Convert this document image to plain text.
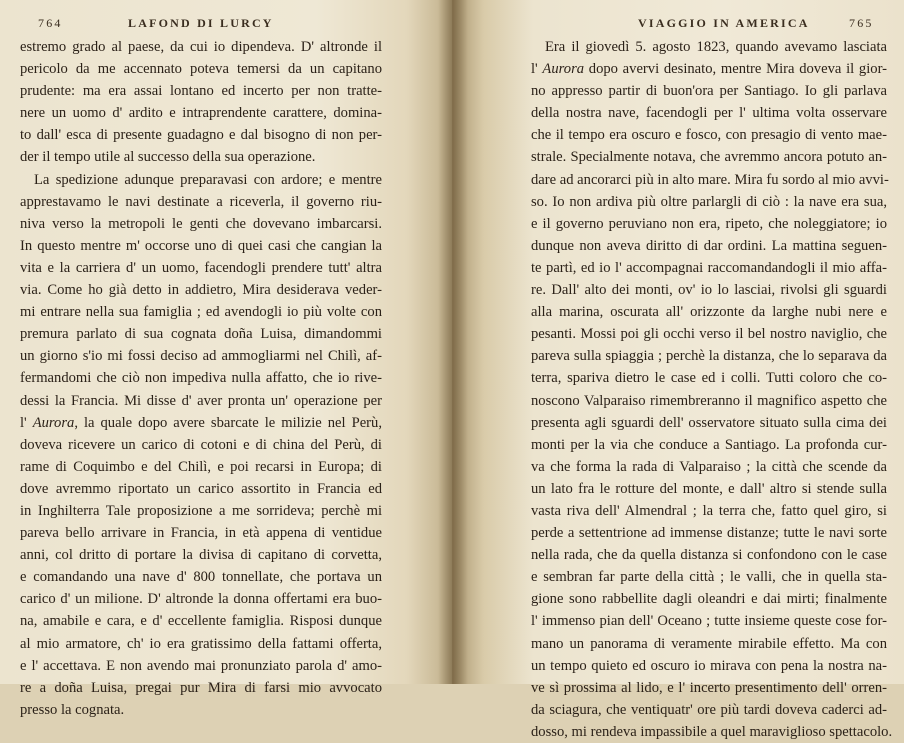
764	LAFOND DI LURCY
estremo grado al paese, da cui io dipendeva. D' altronde il
pericolo da me accennato poteva temersi da un capitano
prudente: ma era assai lontano ed incerto per non tratte-
nere un uomo d' ardito e intraprendente carattere, domina-
to dall' esca di presente guadagno e dal bisogno di non per-
der il tempo utile al successo della sua operazione.
La spedizione adunque preparavasi con ardore; e mentre
apprestavamo le navi destinate a riceverla, il governo riu-
niva verso la metropoli le genti che dovevano imbarcarsi.
In questo mentre m' occorse uno di quei casi che cangian la
vita e la carriera d' un uomo, facendogli prendere tutt' altra
via. Come ho già detto in addietro, Mira desiderava veder-
mi entrare nella sua famiglia ; ed avendogli io più volte con
premura parlato di sua cognata doña Luisa, dimandommi
un giorno s'io mi fossi deciso ad ammogliarmi nel Chilì, af-
fermandomi che ciò non impediva nulla affatto, che io rive-
dessi la Francia. Mi disse d' aver pronta un' operazione per
l' Aurora, la quale dopo avere sbarcate le milizie nel Perù,
doveva ricevere un carico di cotoni e di china del Perù, di
rame di Coquimbo e del Chilì, e poi recarsi in Europa; di
dove avremmo riportato un carico assortito in Francia ed
in Inghilterra Tale proposizione a me sorrideva; perchè mi
pareva bello arrivare in Francia, in età appena di ventidue
anni, col dritto di portare la divisa di capitano di corvetta,
e comandando una nave d' 800 tonnellate, che portava un
carico d' un milione. D' altronde la donna offertami era buo-
na, amabile e cara, e d' eccellente famiglia. Risposi dunque
al mio armatore, ch' io era gratissimo della fattami offerta,
e l' accettava. E non avendo mai pronunziato parola d' amo-
re a doña Luisa, pregai pur Mira di farsi mio avvocato
presso la cognata.
VIAGGIO IN AMERICA	765
Era il giovedì 5. agosto 1823, quando avevamo lasciata
l' Aurora dopo avervi desinato, mentre Mira doveva il gior-
no appresso partir di buon'ora per Santiago. Io gli parlava
della nostra nave, facendogli per l' ultima volta osservare
che il tempo era oscuro e fosco, con presagio di vento mae-
strale. Specialmente notava, che avremmo ancora potuto an-
dare ad ancorarci più in alto mare. Mira fu sordo al mio avvi-
so. Io non ardiva più oltre parlargli di ciò : la nave era sua,
e il governo peruviano non era, ripeto, che noleggiatore; io
dunque non aveva diritto di dar ordini. La mattina seguen-
te partì, ed io l' accompagnai raccomandandogli il mio affa-
re. Dall' alto dei monti, ov' io lo lasciai, rivolsi gli sguardi
alla marina, oscurata all' orizzonte da larghe nubi nere e
pesanti. Mossi poi gli occhi verso il bel nostro naviglio, che
pareva sulla spiaggia ; perchè la distanza, che lo separava da
terra, spariva dietro le case ed i colli. Tutti coloro che co-
noscono Valparaiso rimembreranno il magnifico aspetto che
presenta agli sguardi dell' osservatore situato sulla cima dei
monti per la via che conduce a Santiago. La profonda cur-
va che forma la rada di Valparaiso ; la città che scende da
un lato fra le rotture del monte, e dall' altro si stende sulla
vasta riva dell' Almendral ; la terra che, fatto quel giro, si
perde a settentrione ad immense distanze; tutte le navi sorte
nella rada, che da quella distanza si confondono con le case
e sembran far parte della città ; le valli, che in quella sta-
gione sono rabbellite dagli oleandri e dai mirti; finalmente
l' immenso pian dell' Oceano ; tutte insieme queste cose for-
mano un panorama di veramente mirabile effetto. Ma con
un tempo quieto ed oscuro io mirava con pena la nostra na-
ve sì prossima al lido, e l' incerto presentimento dell' orren-
da sciagura, che ventiquatr' ore più tardi doveva caderci ad-
dosso, mi rendeva impassibile a quel maraviglioso spettacolo.
